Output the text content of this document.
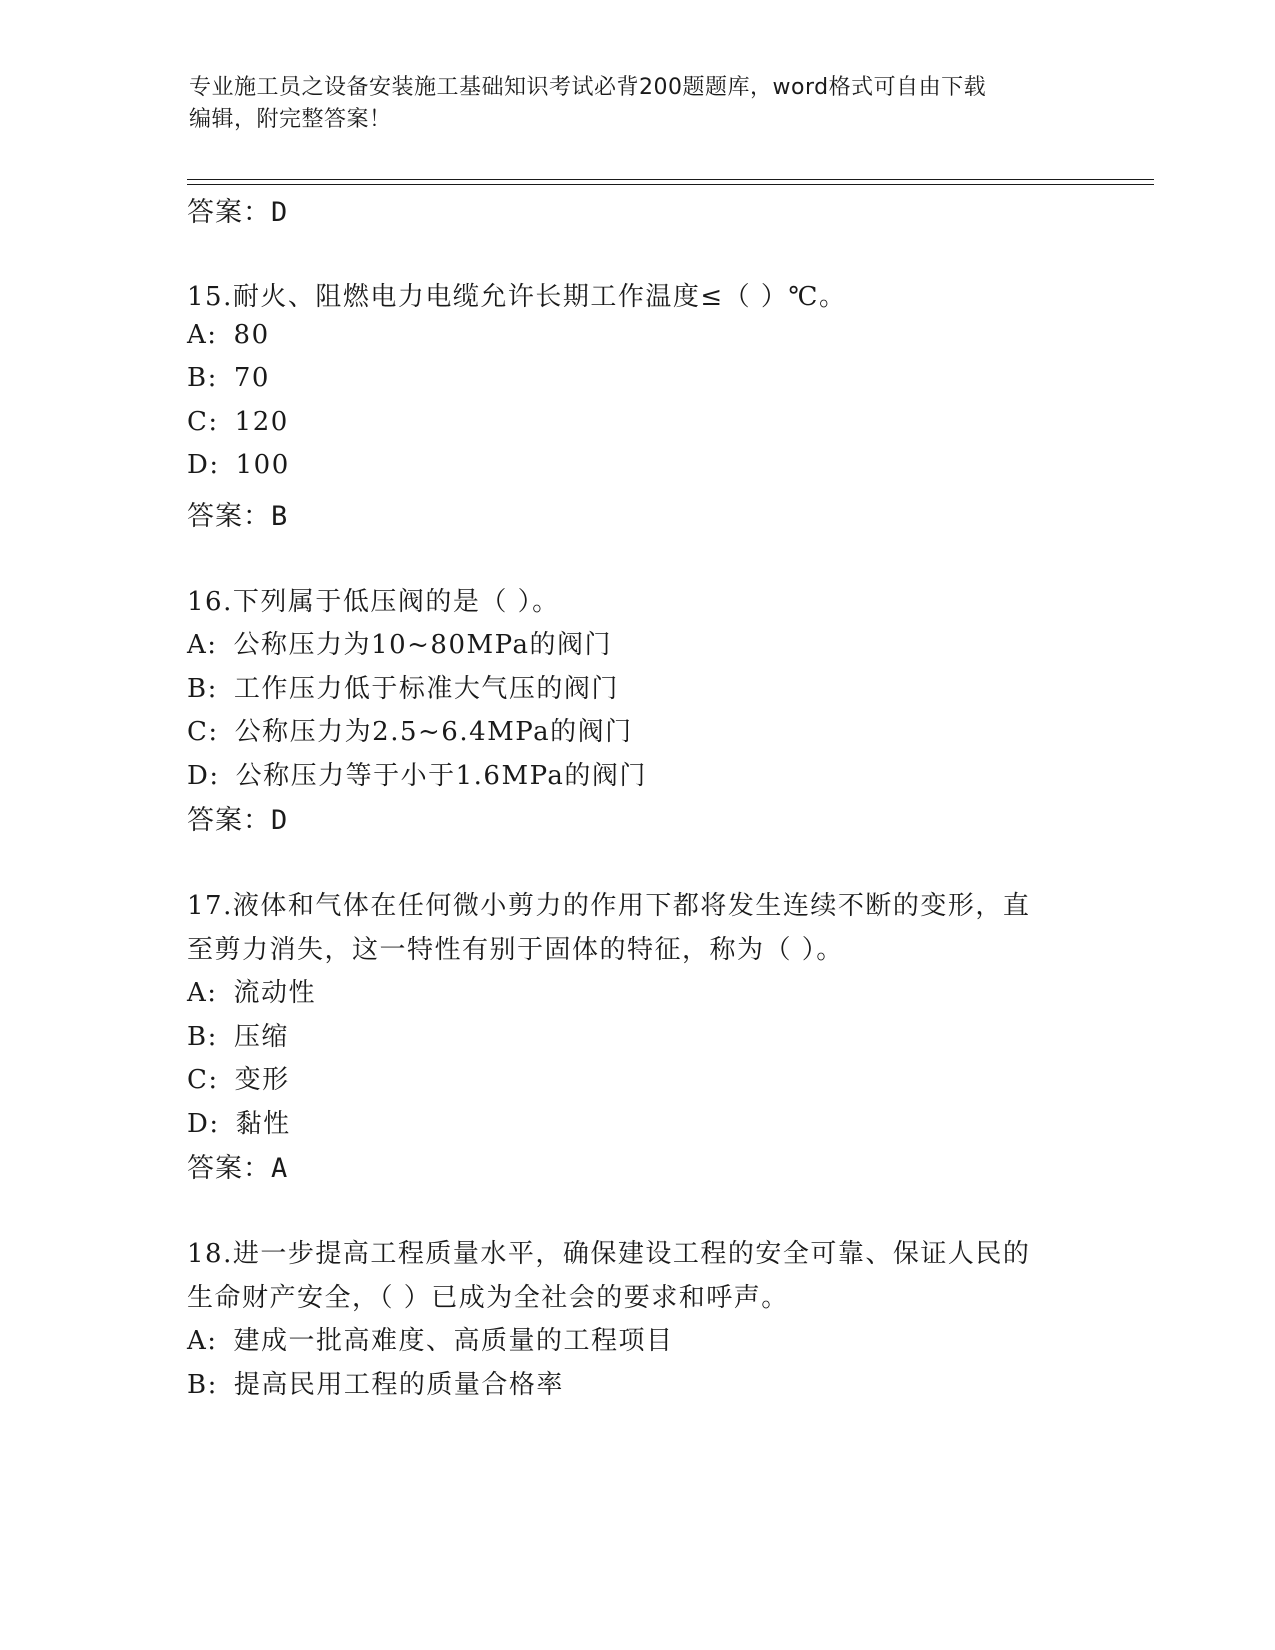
专业施工员之设备安装施工基础知识考试必背200题题库，word格式可自由下载
编辑，附完整答案！
答案：D
15.耐火、阻燃电力电缆允许长期工作温度≤（ ）℃。
A: 80
B: 70
C: 120
D: 100
答案：B
16.下列属于低压阀的是（ ）。
A: 公称压力为10~80MPa的阀门
B: 工作压力低于标准大气压的阀门
C: 公称压力为2.5~6.4MPa的阀门
D: 公称压力等于小于1.6MPa的阀门
答案：D
17.液体和气体在任何微小剪力的作用下都将发生连续不断的变形，直
至剪力消失，这一特性有别于固体的特征，称为（ ）。
A: 流动性
B: 压缩
C: 变形
D: 黏性
答案：A
18.进一步提高工程质量水平，确保建设工程的安全可靠、保证人民的
生命财产安全，（ ）已成为全社会的要求和呼声。
A: 建成一批高难度、高质量的工程项目
B: 提高民用工程的质量合格率
